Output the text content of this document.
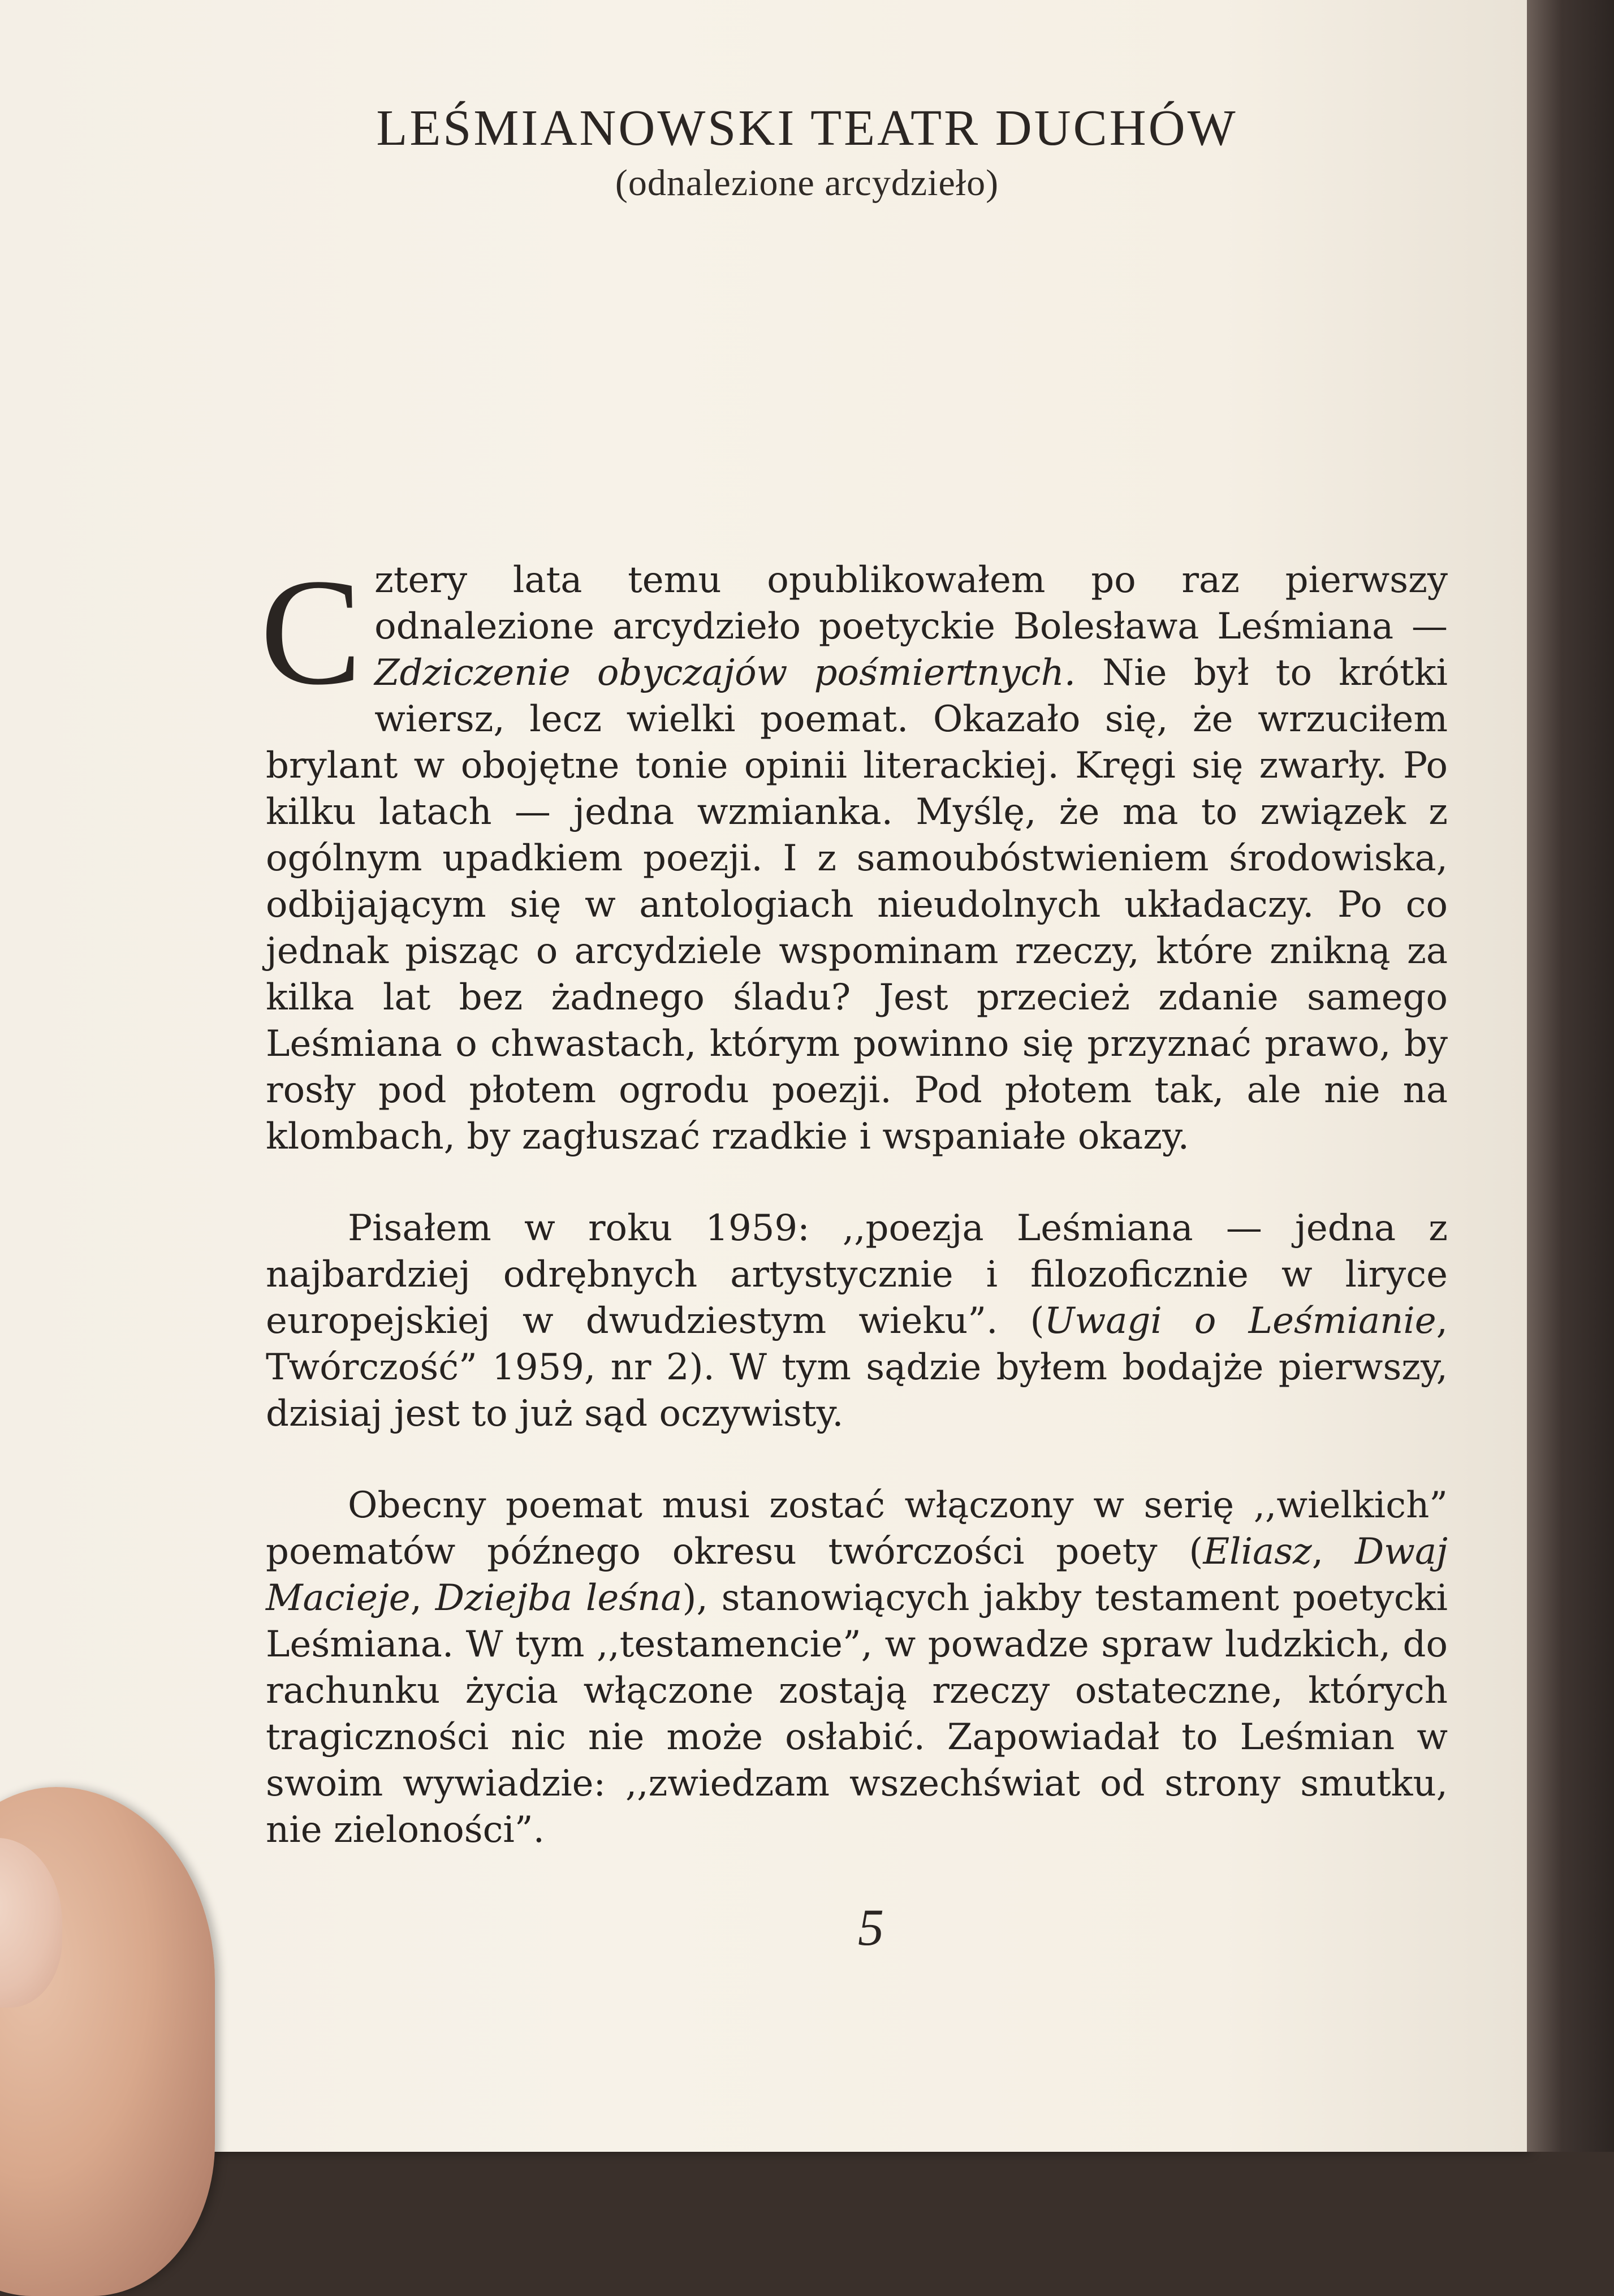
LEŚMIANOWSKI TEATR DUCHÓW
(odnalezione arcydzieło)

Cztery lata temu opublikowałem po raz pierwszy odnalezione arcydzieło poetyckie Bolesława Leśmiana — Zdziczenie obyczajów pośmiertnych. Nie był to krótki wiersz, lecz wielki poemat. Okazało się, że wrzuciłem brylant w obojętne tonie opinii literackiej. Kręgi się zwarły. Po kilku latach — jedna wzmianka. Myślę, że ma to związek z ogólnym upadkiem poezji. I z samoubóstwieniem środowiska, odbijającym się w antologiach nieudolnych układaczy. Po co jednak pisząc o arcydziele wspominam rzeczy, które znikną za kilka lat bez żadnego śladu? Jest przecież zdanie samego Leśmiana o chwastach, którym powinno się przyznać prawo, by rosły pod płotem ogrodu poezji. Pod płotem tak, ale nie na klombach, by zagłuszać rzadkie i wspaniałe okazy.

Pisałem w roku 1959: ,,poezja Leśmiana — jedna z najbardziej odrębnych artystycznie i filozoficznie w liryce europejskiej w dwudziestym wieku”. (Uwagi o Leśmianie, Twórczość” 1959, nr 2). W tym sądzie byłem bodajże pierwszy, dzisiaj jest to już sąd oczywisty.

Obecny poemat musi zostać włączony w serię ,,wielkich” poematów późnego okresu twórczości poety (Eliasz, Dwaj Macieje, Dziejba leśna), stanowiących jakby testament poetycki Leśmiana. W tym ,,testamencie”, w powadze spraw ludzkich, do rachunku życia włączone zostają rzeczy ostateczne, których tragiczności nic nie może osłabić. Zapowiadał to Leśmian w swoim wywiadzie: ,,zwiedzam wszechświat od strony smutku, nie zieloności”.

5
